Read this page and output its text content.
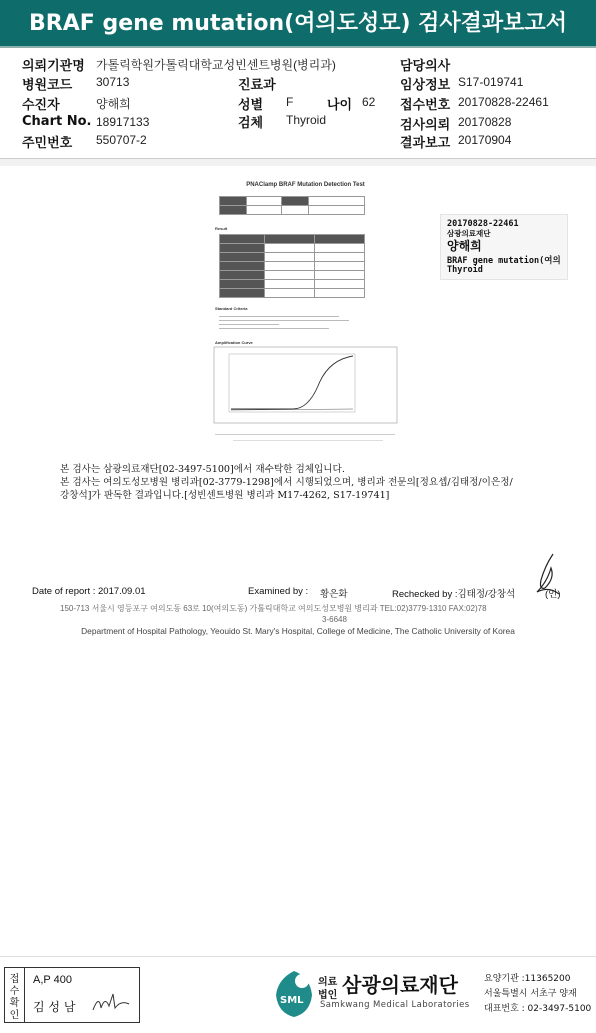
BRAF gene mutation(여의도성모) 검사결과보고서
의뢰기관명 가톨릭학원가톨릭대학교성빈센트병원(병리과)	담당의사
병원코드 30713	진료과	임상정보 S17-019741
수진자	양해희	성별 F	나이 62 접수번호 20170828-22461
Chart No. 18917133	검체 Thyroid	검사의뢰 20170828
주민번호 550707-2	결과보고 20170904
PNAClamp BRAF Mutation Detection Test

Result

Standard Criteria
Amplification Curve
20170828-22461
삼광의료재단
양해희
BRAF gene mutation(여의
Thyroid
본 검사는 삼광의료재단[02-3497-5100]에서 재수탁한 검체입니다.
본 검사는 여의도성모병원 병리과[02-3779-1298]에서 시행되었으며, 병리과 전문의[정요셉/김태정/이은정/
강창석]가 판독한 결과입니다.[성빈센트병원 병리과 M17-4262, S17-19741]
Date of report : 2017.09.01	Examined by : 황은화	Rechecked by :김태정/강창석	(인)
150-713 서울시 영등포구 여의도동 63로 10(여의도동) 가톨릭대학교 여의도성모병원 병리과 TEL:02)3779-1310 FAX:02)78
3-6648
Department of Hospital Pathology, Yeouido St. Mary's Hospital, College of Medicine, The Catholic University of Korea
접수확인
A,P 400
김 성 남	SML
의료
법인 삼광의료재단
Samkwang Medical Laboratories
요양기관 :11365200
서울특별시 서초구 양재
대표번호 : 02-3497-5100
